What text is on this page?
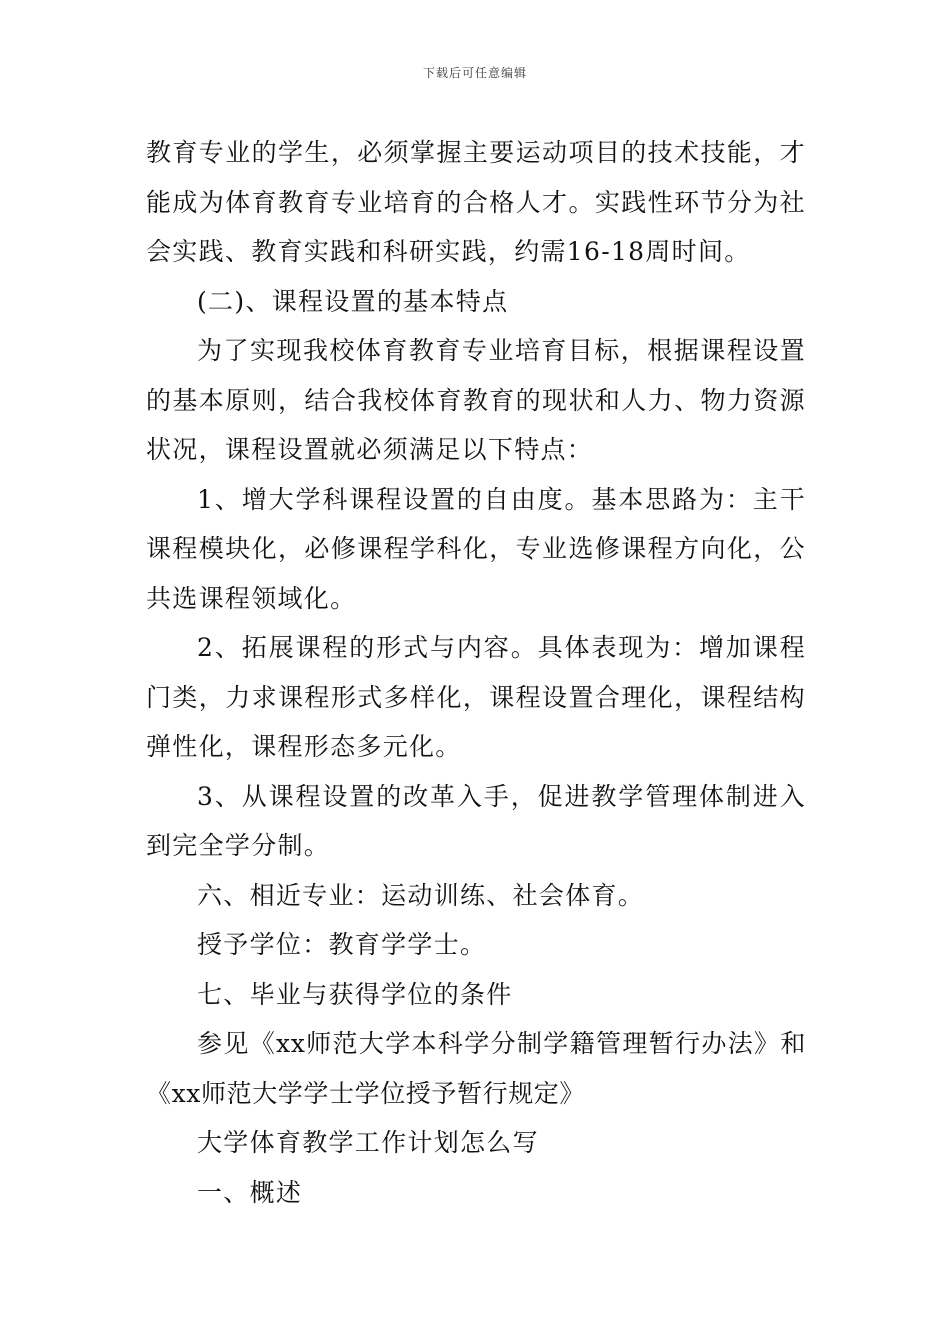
下载后可任意编辑

教育专业的学生，必须掌握主要运动项目的技术技能，才能成为体育教育专业培育的合格人才。实践性环节分为社会实践、教育实践和科研实践，约需16-18周时间。

(二)、课程设置的基本特点

为了实现我校体育教育专业培育目标，根据课程设置的基本原则，结合我校体育教育的现状和人力、物力资源状况，课程设置就必须满足以下特点：

1、增大学科课程设置的自由度。基本思路为：主干课程模块化，必修课程学科化，专业选修课程方向化，公共选课程领域化。

2、拓展课程的形式与内容。具体表现为：增加课程门类，力求课程形式多样化，课程设置合理化，课程结构弹性化，课程形态多元化。

3、从课程设置的改革入手，促进教学管理体制进入到完全学分制。

六、相近专业：运动训练、社会体育。

授予学位：教育学学士。

七、毕业与获得学位的条件

参见《xx师范大学本科学分制学籍管理暂行办法》和《xx师范大学学士学位授予暂行规定》

大学体育教学工作计划怎么写

一、概述
